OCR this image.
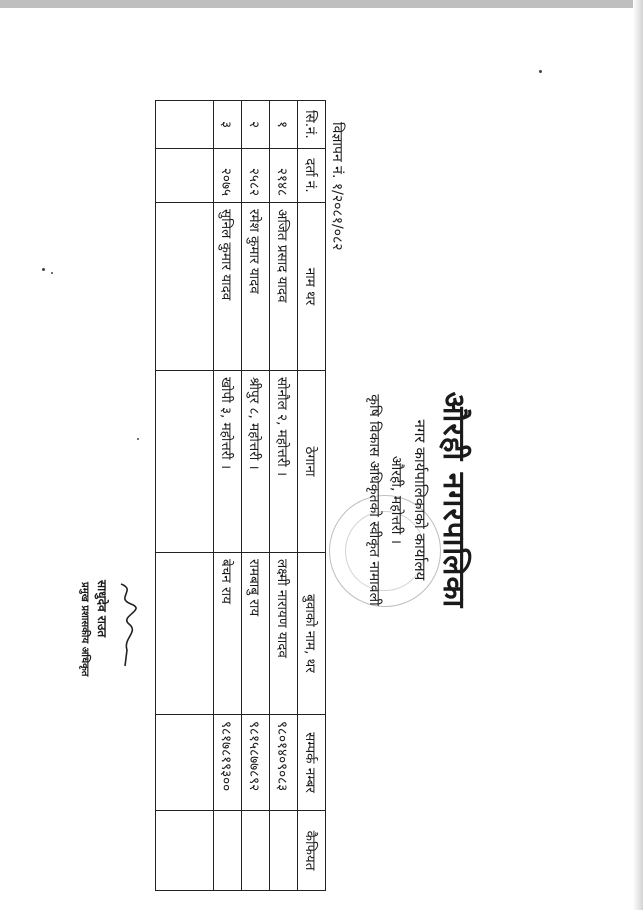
औरही नगरपालिका
नगर कार्यपालिकाको कार्यालय
औरही, महोत्तरी ।
कृषि विकास अधिकृतको स्वीकृत नामावली
विज्ञापन नं. १/२०८१/०८२
सि.नं.	दर्ता नं.	नाम थर	ठेगाना	बुवाको नाम, थर	सम्पर्क नम्बर	कैफियत
१	२१४८	अजित प्रसाद यादव	सोनौल २, महोत्तरी ।	लक्ष्मी नारायण यादव	९८०१४०९०८३	
२	२५८२	रमेश कुमार यादव	श्रीपुर ८, महोत्तरी ।	रामबाबु राय	९८१५८७७८९२	
३	२०७५	सुनिल कुमार यादव	खोपी ३, महोत्तरी ।	बेचन राय	९८१७८१९३००	

साधुदेव राउत
प्रमुख प्रशासकीय अधिकृत
